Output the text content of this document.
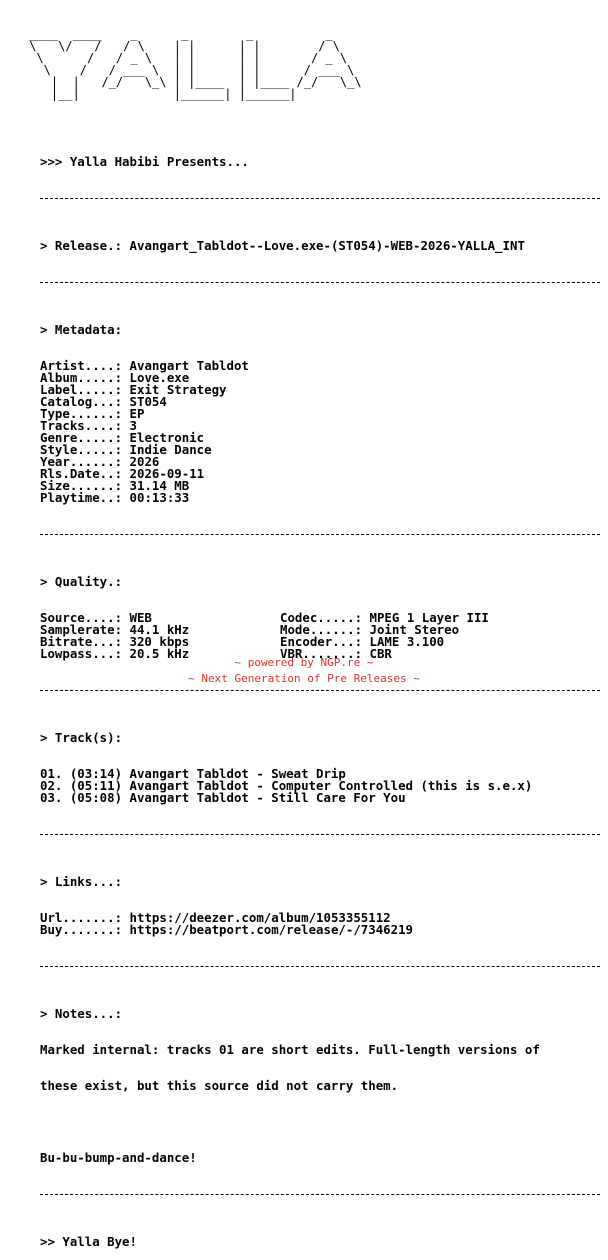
____  ____    _      _        _          _
\   \/   /   / \    | |      | |        / \
\      /   / _ \   | |      | |       / _ \
\    /   / ___ \  | |      | |      / ___ \
|  |   /_/   \_\ | |____  | |____ /_/   \_\
|__|             |______| |______|

>>> Yalla Habibi Presents...

> Release.: Avangart_Tabldot--Love.exe-(ST054)-WEB-2026-YALLA_INT

> Metadata:

Artist....: Avangart Tabldot
Album.....: Love.exe
Label.....: Exit Strategy
Catalog...: ST054
Type......: EP
Tracks....: 3
Genre.....: Electronic
Style.....: Indie Dance
Year......: 2026
Rls.Date..: 2026-09-11
Size......: 31.14 MB
Playtime..: 00:13:33

> Quality.:

Source....: WEB	Codec.....: MPEG 1 Layer III
Samplerate: 44.1 kHz	Mode......: Joint Stereo
Bitrate...: 320 kbps	Encoder...: LAME 3.100
Lowpass...: 20.5 kHz	VBR.......: CBR

> Track(s):

01. (03:14) Avangart Tabldot - Sweat Drip
02. (05:11) Avangart Tabldot - Computer Controlled (this is s.e.x)
03. (05:08) Avangart Tabldot - Still Care For You

> Links...:

Url.......: https://deezer.com/album/1053355112
Buy.......: https://beatport.com/release/-/7346219

> Notes...:

Marked internal: tracks 01 are short edits. Full-length versions of

these exist, but this source did not carry them.

Bu-bu-bump-and-dance!

>> Yalla Bye!

~ powered by NGP.re ~
~ Next Generation of Pre Releases ~
